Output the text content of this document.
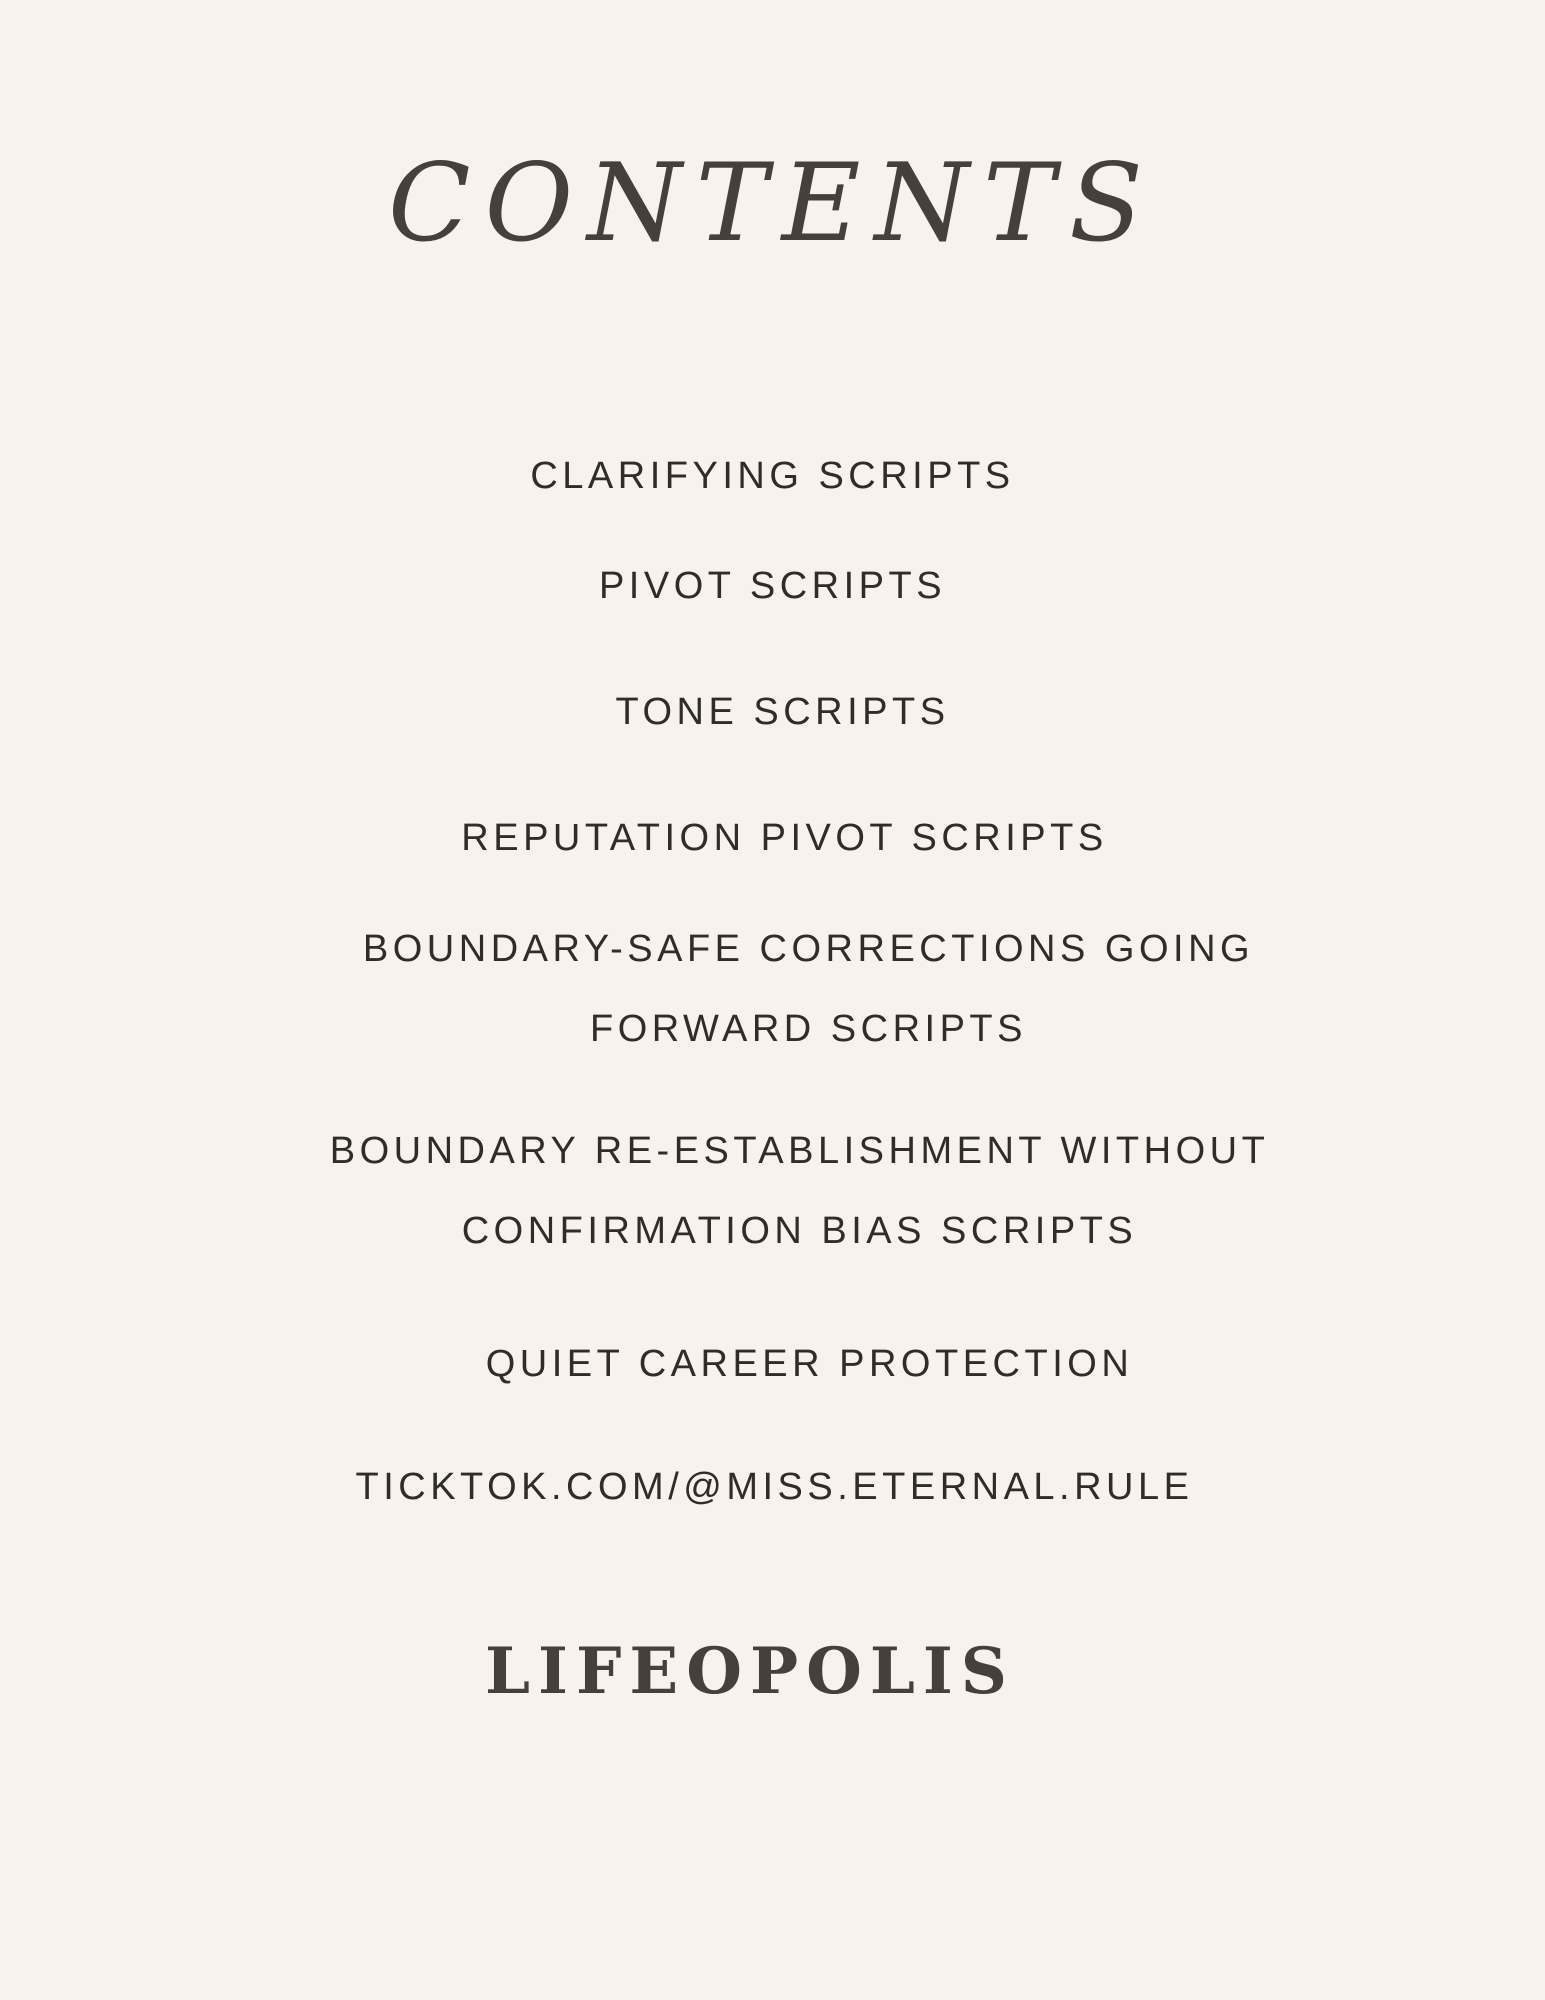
CONTENTS
CLARIFYING SCRIPTS
PIVOT SCRIPTS
TONE SCRIPTS
REPUTATION PIVOT SCRIPTS
BOUNDARY-SAFE CORRECTIONS GOING
FORWARD SCRIPTS
BOUNDARY RE-ESTABLISHMENT WITHOUT
CONFIRMATION BIAS SCRIPTS
QUIET CAREER PROTECTION
TICKTOK.COM/@MISS.ETERNAL.RULE
LIFEOPOLIS
